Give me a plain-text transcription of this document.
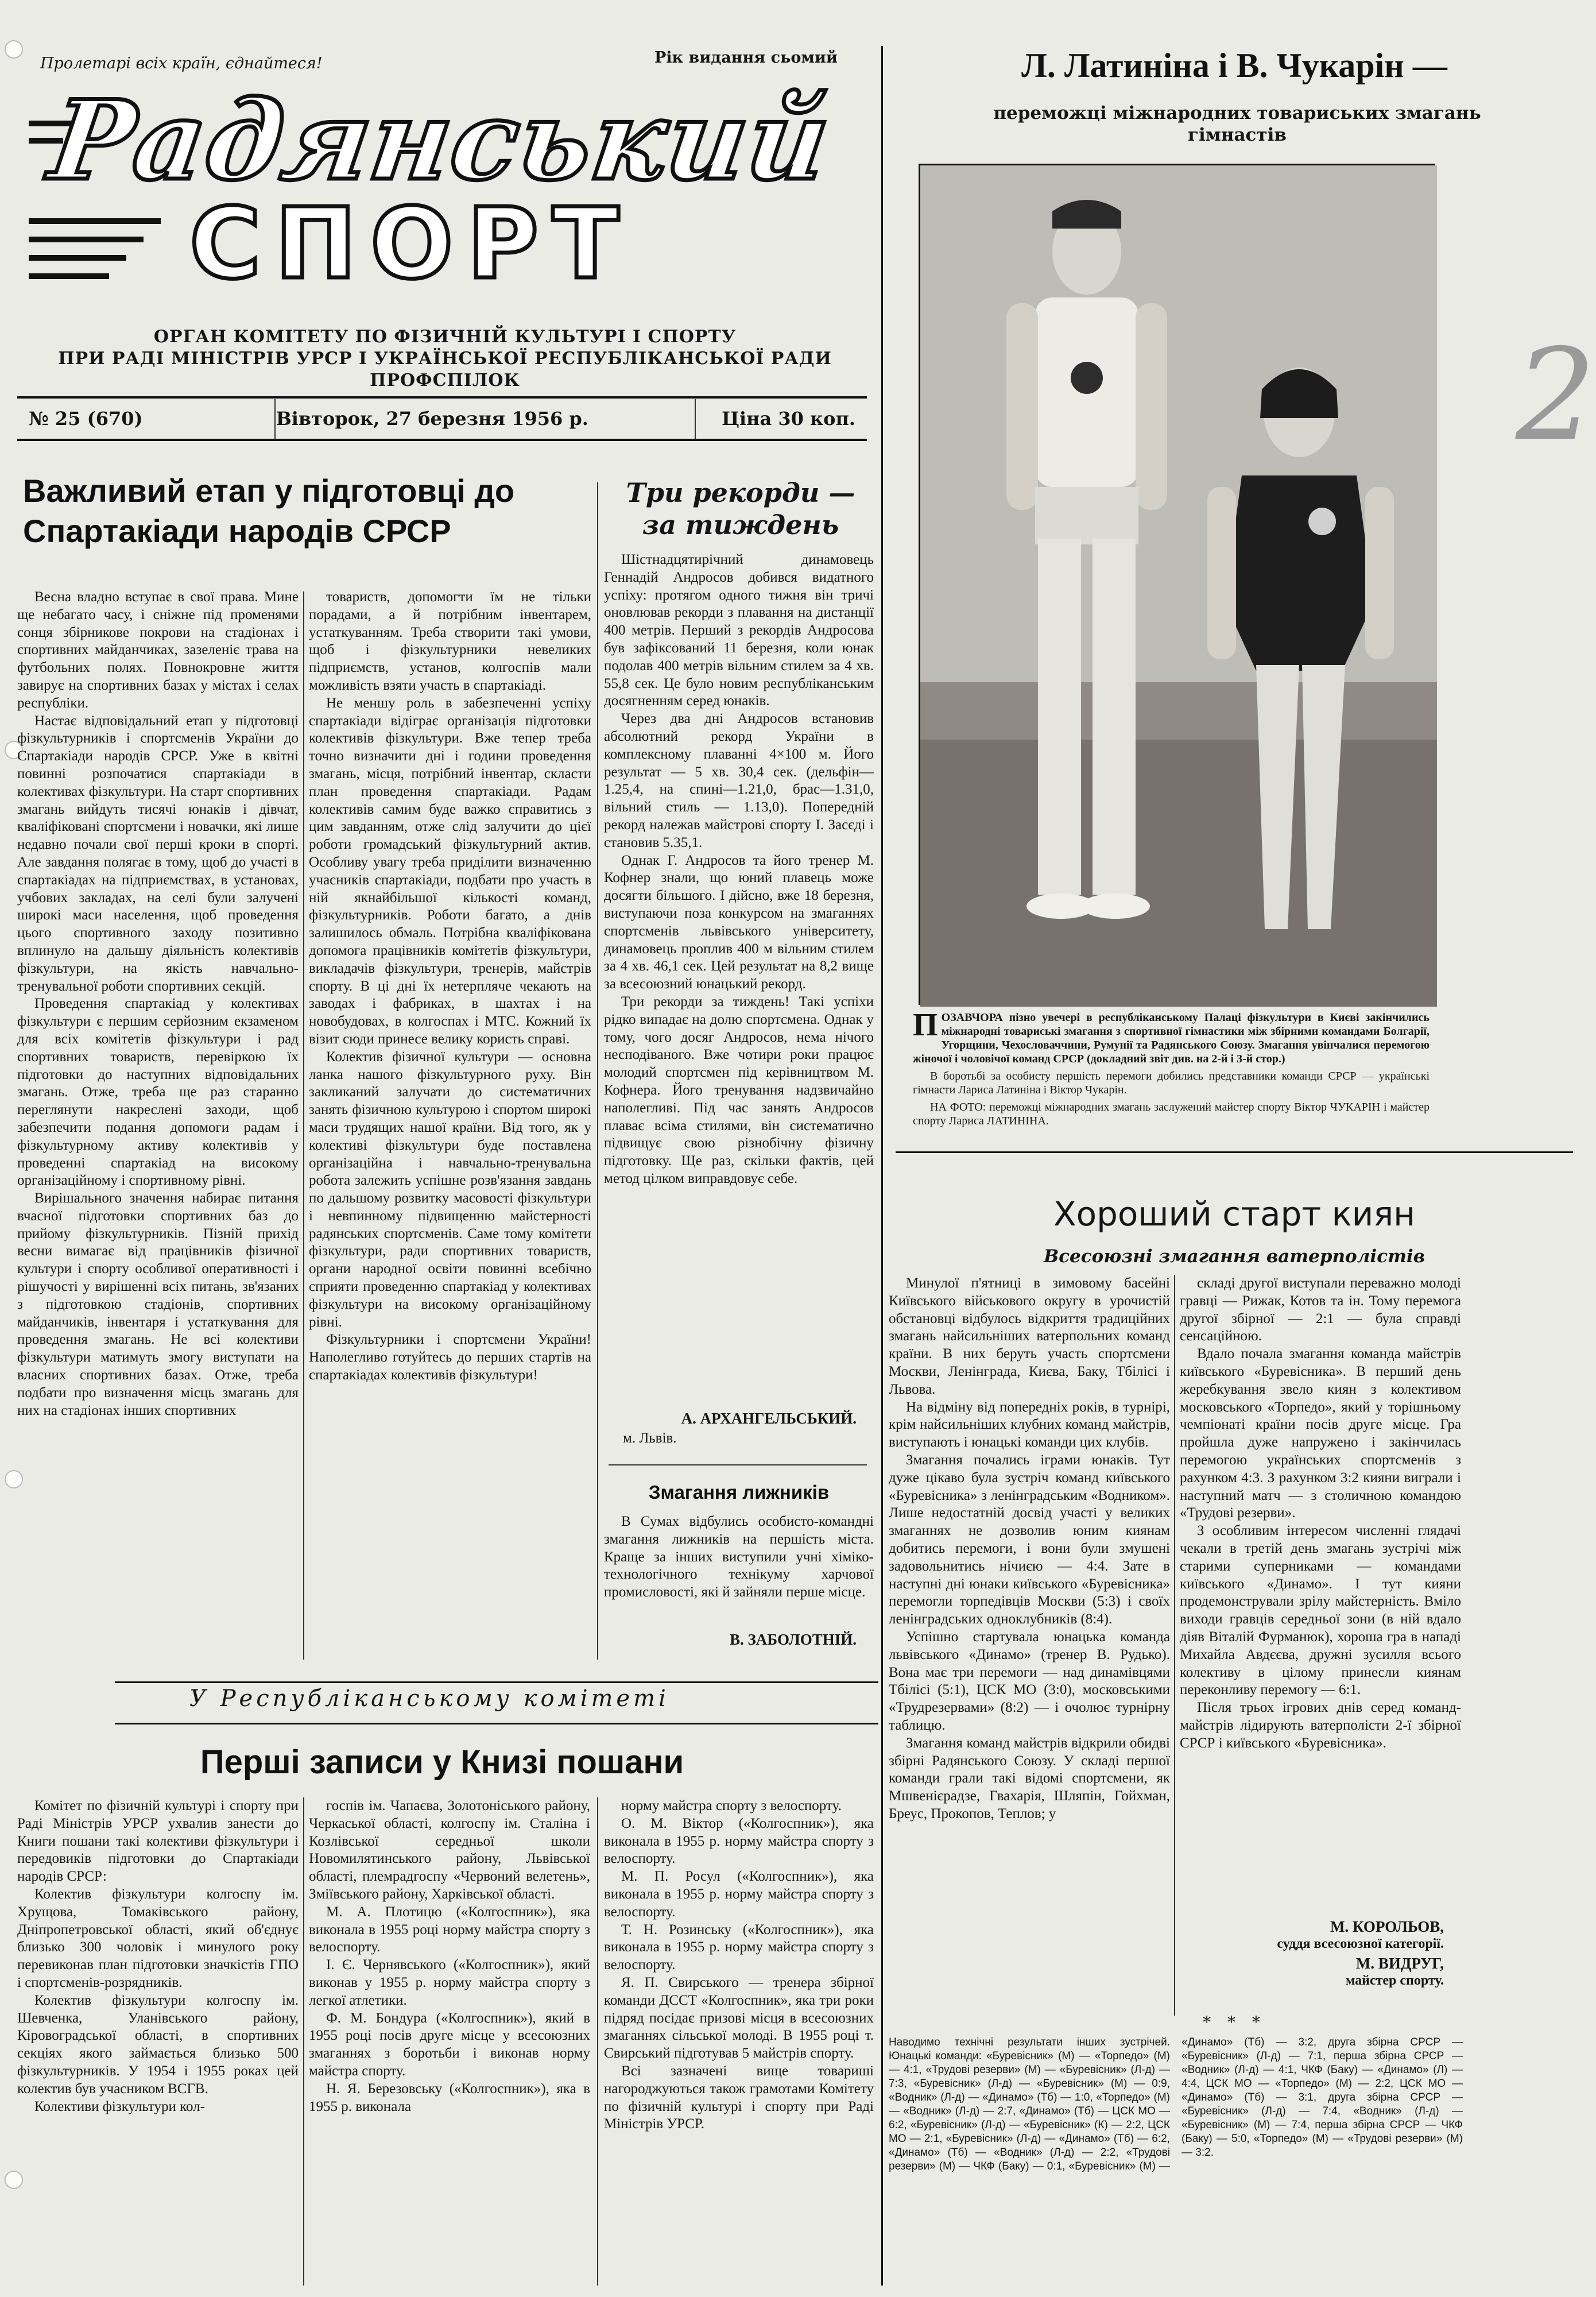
2
Пролетарі всіх країн, єднайтеся!	Рік видання сьомий
Радянський
СПОРТ
ОРГАН КОМІТЕТУ ПО ФІЗИЧНІЙ КУЛЬТУРІ І СПОРТУ
ПРИ РАДІ МІНІСТРІВ УРСР І УКРАЇНСЬКОЇ РЕСПУБЛІКАНСЬКОЇ РАДИ ПРОФСПІЛОК
№ 25 (670)	Вівторок, 27 березня 1956 р.	Ціна 30 коп.
Важливий етап у підготовці до Спартакіади народів СРСР

Весна владно вступає в свої права. Мине ще небагато часу, і сніжне під променями сонця збірникове покрови на стадіонах і спортивних майданчиках, зазеленіє трава на футбольних полях. Повнокровне життя завирує на спортивних базах у містах і селах республіки.

Настає відповідальний етап у підготовці фізкультурників і спортсменів України до Спартакіади народів СРСР. Уже в квітні повинні розпочатися спартакіади в колективах фізкультури. На старт спортивних змагань вийдуть тисячі юнаків і дівчат, кваліфіковані спортсмени і новачки, які лише недавно почали свої перші кроки в спорті. Але завдання полягає в тому, щоб до участі в спартакіадах на підприємствах, в установах, учбових закладах, на селі були залучені широкі маси населення, щоб проведення цього спортивного заходу позитивно вплинуло на дальшу діяльність колективів фізкультури, на якість навчально-тренувальної роботи спортивних секцій.

Проведення спартакіад у колективах фізкультури є першим серйозним екзаменом для всіх комітетів фізкультури і рад спортивних товариств, перевіркою їх підготовки до наступних відповідальних змагань. Отже, треба ще раз старанно переглянути накреслені заходи, щоб забезпечити подання допомоги радам і фізкультурному активу колективів у проведенні спартакіад на високому організаційному і спортивному рівні.

Вирішального значення набирає питання вчасної підготовки спортивних баз до прийому фізкультурників. Пізній прихід весни вимагає від працівників фізичної культури і спорту особливої оперативності і рішучості у вирішенні всіх питань, зв'язаних з підготовкою стадіонів, спортивних майданчиків, інвентаря і устаткування для проведення змагань. Не всі колективи фізкультури матимуть змогу виступати на власних спортивних базах. Отже, треба подбати про визначення місць змагань для них на стадіонах інших спортивних

товариств, допомогти їм не тільки порадами, а й потрібним інвентарем, устаткуванням. Треба створити такі умови, щоб і фізкультурники невеликих підприємств, установ, колгоспів мали можливість взяти участь в спартакіаді.

Не меншу роль в забезпеченні успіху спартакіади відіграє організація підготовки колективів фізкультури. Вже тепер треба точно визначити дні і години проведення змагань, місця, потрібний інвентар, скласти план проведення спартакіади. Радам колективів самим буде важко справитись з цим завданням, отже слід залучити до цієї роботи громадський фізкультурний актив. Особливу увагу треба приділити визначенню учасників спартакіади, подбати про участь в ній якнайбільшої кількості команд, фізкультурників. Роботи багато, а днів залишилось обмаль. Потрібна кваліфікована допомога працівників комітетів фізкультури, викладачів фізкультури, тренерів, майстрів спорту. В ці дні їх нетерпляче чекають на заводах і фабриках, в шахтах і на новобудовах, в колгоспах і МТС. Кожний їх візит сюди принесе велику користь справі.

Колектив фізичної культури — основна ланка нашого фізкультурного руху. Він закликаний залучати до систематичних занять фізичною культурою і спортом широкі маси трудящих нашої країни. Від того, як у колективі фізкультури буде поставлена організаційна і навчально-тренувальна робота залежить успішне розв'язання завдань по дальшому розвитку масовості фізкультури і невпинному підвищенню майстерності радянських спортсменів. Саме тому комітети фізкультури, ради спортивних товариств, органи народної освіти повинні всебічно сприяти проведенню спартакіад у колективах фізкультури на високому організаційному рівні.

Фізкультурники і спортсмени України! Наполегливо готуйтесь до перших стартів на спартакіадах колективів фізкультури!

Три рекорди — за тиждень

Шістнадцятирічний динамовець Геннадій Андросов добився видатного успіху: протягом одного тижня він тричі оновлював рекорди з плавання на дистанції 400 метрів. Перший з рекордів Андросова був зафіксований 11 березня, коли юнак подолав 400 метрів вільним стилем за 4 хв. 55,8 сек. Це було новим республіканським досягненням серед юнаків.

Через два дні Андросов встановив абсолютний рекорд України в комплексному плаванні 4×100 м. Його результат — 5 хв. 30,4 сек. (дельфін—1.25,4, на спині—1.21,0, брас—1.31,0, вільний стиль — 1.13,0). Попередній рекорд належав майстрові спорту І. Засєді і становив 5.35,1.

Однак Г. Андросов та його тренер М. Кофнер знали, що юний плавець може досягти більшого. І дійсно, вже 18 березня, виступаючи поза конкурсом на змаганнях спортсменів львівського університету, динамовець проплив 400 м вільним стилем за 4 хв. 46,1 сек. Цей результат на 8,2 вище за всесоюзний юнацький рекорд.

Три рекорди за тиждень! Такі успіхи рідко випадає на долю спортсмена. Однак у тому, чого досяг Андросов, нема нічого несподіваного. Вже чотири роки працює молодий спортсмен під керівництвом М. Кофнера. Його тренування надзвичайно наполегливі. Під час занять Андросов плаває всіма стилями, він систематично підвищує свою різнобічну фізичну підготовку. Ще раз, скільки фактів, цей метод цілком виправдовує себе.

А. АРХАНГЕЛЬСЬКИЙ.
м. Львів.
Змагання лижників

В Сумах відбулись особисто-командні змагання лижників на першість міста. Краще за інших виступили учні хіміко-технологічного технікуму харчової промисловості, які й зайняли перше місце.

В. ЗАБОЛОТНІЙ.
У Республіканському комітеті
Перші записи у Книзі пошани

Комітет по фізичній культурі і спорту при Раді Міністрів УРСР ухвалив занести до Книги пошани такі колективи фізкультури і передовиків підготовки до Спартакіади народів СРСР:

Колектив фізкультури колгоспу ім. Хрущова, Томаківського району, Дніпропетровської області, який об'єднує близько 300 чоловік і минулого року перевиконав план підготовки значкістів ГПО і спортсменів-розрядників.

Колектив фізкультури колгоспу ім. Шевченка, Уланівського району, Кіровоградської області, в спортивних секціях якого займається близько 500 фізкультурників. У 1954 і 1955 роках цей колектив був учасником ВСГВ.

Колективи фізкультури кол-

госпів ім. Чапаєва, Золотоніського району, Черкаської області, колгоспу ім. Сталіна і Козлівської середньої школи Новомилятинського району, Львівської області, племрадгоспу «Червоний велетень», Зміївського району, Харківської області.

М. А. Плотицю («Колгоспник»), яка виконала в 1955 році норму майстра спорту з велоспорту.

І. Є. Чернявського («Колгоспник»), який виконав у 1955 р. норму майстра спорту з легкої атлетики.

Ф. М. Бондура («Колгоспник»), який в 1955 році посів друге місце у всесоюзних змаганнях з боротьби і виконав норму майстра спорту.

Н. Я. Березовську («Колгоспник»), яка в 1955 р. виконала

норму майстра спорту з велоспорту.

О. М. Віктор («Колгоспник»), яка виконала в 1955 р. норму майстра спорту з велоспорту.

М. П. Росул («Колгоспник»), яка виконала в 1955 р. норму майстра спорту з велоспорту.

Т. Н. Розинську («Колгоспник»), яка виконала в 1955 р. норму майстра спорту з велоспорту.

Я. П. Свирського — тренера збірної команди ДССТ «Колгоспник», яка три роки підряд посідає призові місця в всесоюзних змаганнях сільської молоді. В 1955 році т. Свирський підготував 5 майстрів спорту.

Всі зазначені вище товариші нагороджуються також грамотами Комітету по фізичній культурі і спорту при Раді Міністрів УРСР.

Л. Латиніна і В. Чукарін —
переможці міжнародних товариських змагань гімнастів

ПОЗАВЧОРА пізно увечері в республіканському Палаці фізкультури в Києві закінчились міжнародні товариські змагання з спортивної гімнастики між збірними командами Болгарії, Угорщини, Чехословаччини, Румунії та Радянського Союзу. Змагання увінчалися перемогою жіночої і чоловічої команд СРСР (докладний звіт див. на 2-й і 3-й стор.)

В боротьбі за особисту першість перемоги добились представники команди СРСР — українські гімнасти Лариса Латиніна і Віктор Чукарін.

НА ФОТО: переможці міжнародних змагань заслужений майстер спорту Віктор ЧУКАРІН і майстер спорту Лариса ЛАТИНІНА.

Хороший старт киян
Всесоюзні змагання ватерполістів

Минулої п'ятниці в зимовому басейні Київського військового округу в урочистій обстановці відбулось відкриття традиційних змагань найсильніших ватерпольних команд країни. В них беруть участь спортсмени Москви, Ленінграда, Києва, Баку, Тбілісі і Львова.

На відміну від попередніх років, в турнірі, крім найсильніших клубних команд майстрів, виступають і юнацькі команди цих клубів.

Змагання почались іграми юнаків. Тут дуже цікаво була зустріч команд київського «Буревісника» з ленінградським «Водником». Лише недостатній досвід участі у великих змаганнях не дозволив юним киянам добитись перемоги, і вони були змушені задовольнитись нічиєю — 4:4. Зате в наступні дні юнаки київського «Буревісника» перемогли торпедівців Москви (5:3) і своїх ленінградських одноклубників (8:4).

Успішно стартувала юнацька команда львівського «Динамо» (тренер В. Рудько). Вона має три перемоги — над динамівцями Тбілісі (5:1), ЦСК МО (3:0), московськими «Трудрезервами» (8:2) — і очолює турнірну таблицю.

Змагання команд майстрів відкрили обидві збірні Радянського Союзу. У складі першої команди грали такі відомі спортсмени, як Мшвенієрадзе, Гвахарія, Шляпін, Гойхман, Бреус, Прокопов, Теплов; у

складі другої виступали переважно молоді гравці — Рижак, Котов та ін. Тому перемога другої збірної — 2:1 — була справді сенсаційною.

Вдало почала змагання команда майстрів київського «Буревісника». В перший день жеребкування звело киян з колективом московського «Торпедо», який у торішньому чемпіонаті країни посів друге місце. Гра пройшла дуже напружено і закінчилась перемогою українських спортсменів з рахунком 4:3. З рахунком 3:2 кияни виграли і наступний матч — з столичною командою «Трудові резерви».

З особливим інтересом численні глядачі чекали в третій день змагань зустрічі між старими суперниками — командами київського «Динамо». І тут кияни продемонстрували зрілу майстерність. Вміло виходи гравців середньої зони (в ній вдало діяв Віталій Фурманюк), хороша гра в нападі Михайла Авдєєва, дружні зусилля всього колективу в цілому принесли киянам переконливу перемогу — 6:1.

Після трьох ігрових днів серед команд-майстрів лідирують ватерполісти 2-ї збірної СРСР і київського «Буревісника».

М. КОРОЛЬОВ,
суддя всесоюзної категорії.
М. ВИДРУГ,
майстер спорту.
* * *
Наводимо технічні результати інших зустрічей. Юнацькі команди: «Буревісник» (М) — «Торпедо» (М) — 4:1, «Трудові резерви» (М) — «Буревісник» (Л-д) — 7:3, «Буревісник» (Л-д) — «Буревісник» (М) — 0:9, «Водник» (Л-д) — «Динамо» (Тб) — 1:0, «Торпедо» (М) — «Водник» (Л-д) — 2:7, «Динамо» (Тб) — ЦСК МО — 6:2, «Буревісник» (Л-д) — «Буревісник» (К) — 2:2, ЦСК МО — 2:1, «Буревісник» (Л-д) — «Динамо» (Тб) — 6:2, «Динамо» (Тб) — «Водник» (Л-д) — 2:2, «Трудові резерви» (М) — ЧКФ (Баку) — 0:1, «Буревісник» (М) — «Динамо» (Тб) — 3:2, друга збірна СРСР — «Буревісник» (Л-д) — 7:1, перша збірна СРСР — «Водник» (Л-д) — 4:1, ЧКФ (Баку) — «Динамо» (Л) — 4:4, ЦСК МО — «Торпедо» (М) — 2:2, ЦСК МО — «Динамо» (Тб) — 3:1, друга збірна СРСР — «Буревісник» (Л-д) — 7:4, «Водник» (Л-д) — «Буревісник» (М) — 7:4, перша збірна СРСР — ЧКФ (Баку) — 5:0, «Торпедо» (М) — «Трудові резерви» (М) — 3:2.
